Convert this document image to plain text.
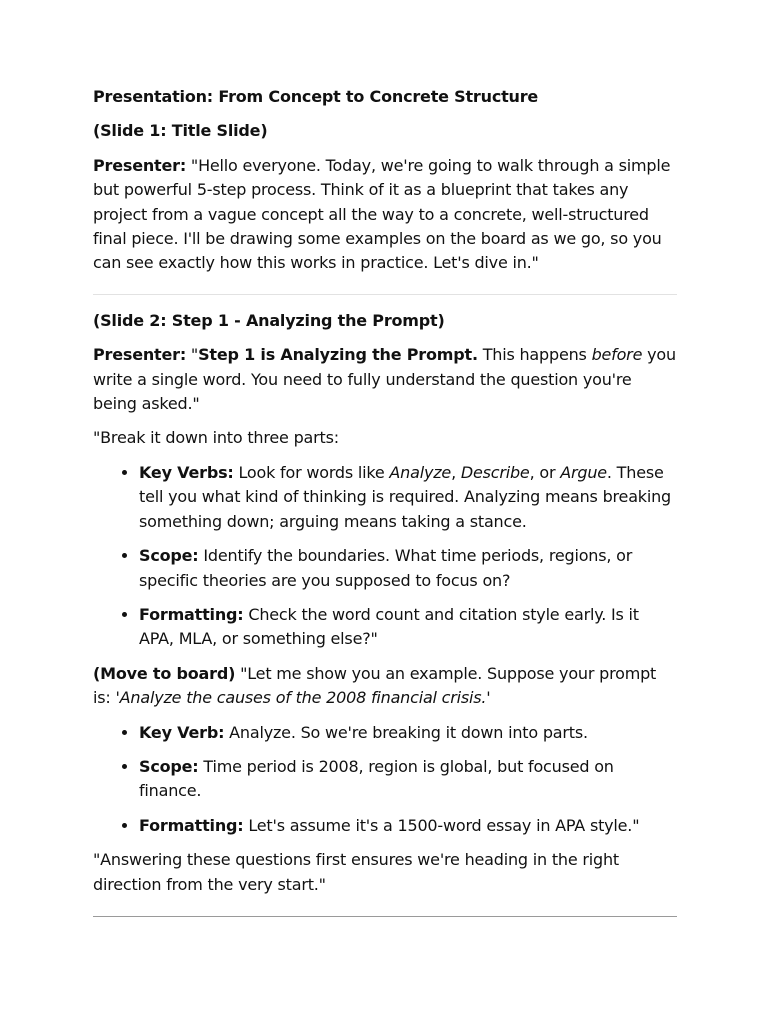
Presentation: From Concept to Concrete Structure

(Slide 1: Title Slide)

Presenter: "Hello everyone. Today, we're going to walk through a simple but powerful 5-step process. Think of it as a blueprint that takes any project from a vague concept all the way to a concrete, well-structured final piece. I'll be drawing some examples on the board as we go, so you can see exactly how this works in practice. Let's dive in."

(Slide 2: Step 1 - Analyzing the Prompt)

Presenter: "Step 1 is Analyzing the Prompt. This happens before you write a single word. You need to fully understand the question you're being asked."

"Break it down into three parts:

• Key Verbs: Look for words like Analyze, Describe, or Argue. These tell you what kind of thinking is required. Analyzing means breaking something down; arguing means taking a stance.
• Scope: Identify the boundaries. What time periods, regions, or specific theories are you supposed to focus on?
• Formatting: Check the word count and citation style early. Is it APA, MLA, or something else?"

(Move to board) "Let me show you an example. Suppose your prompt is: 'Analyze the causes of the 2008 financial crisis.'

• Key Verb: Analyze. So we're breaking it down into parts.
• Scope: Time period is 2008, region is global, but focused on finance.
• Formatting: Let's assume it's a 1500-word essay in APA style."

"Answering these questions first ensures we're heading in the right direction from the very start."
